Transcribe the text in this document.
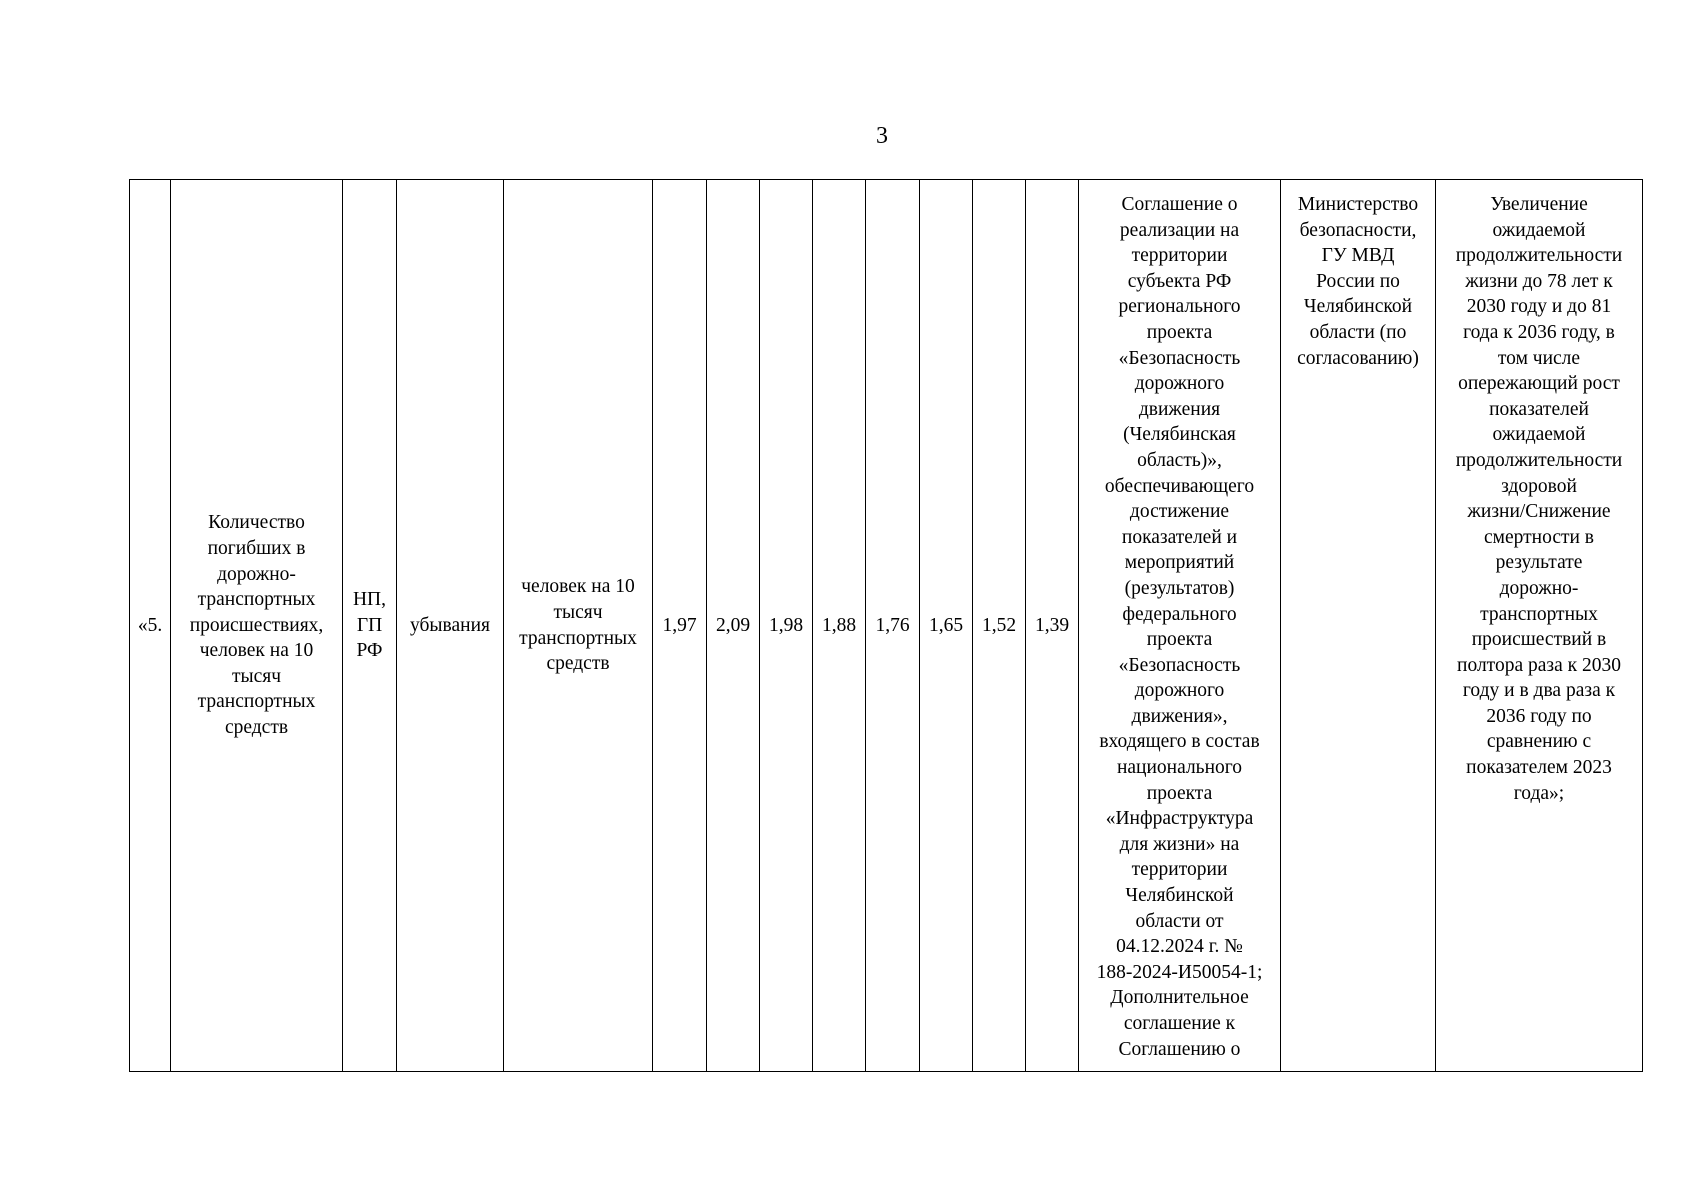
3
«5.	Количество
погибших в
дорожно-
транспортных
происшествиях,
человек на 10
тысяч
транспортных
средств	НП,
ГП
РФ	убывания	человек на 10
тысяч
транспортных
средств	1,97	2,09	1,98	1,88	1,76	1,65	1,52	1,39	Соглашение о
реализации на
территории
субъекта РФ
регионального
проекта
«Безопасность
дорожного
движения
(Челябинская
область)»,
обеспечивающего
достижение
показателей и
мероприятий
(результатов)
федерального
проекта
«Безопасность
дорожного
движения»,
входящего в состав
национального
проекта
«Инфраструктура
для жизни» на
территории
Челябинской
области от
04.12.2024 г. №
188-2024-И50054-1;
Дополнительное
соглашение к
Соглашению о	Министерство
безопасности,
ГУ МВД
России по
Челябинской
области (по
согласованию)	Увеличение
ожидаемой
продолжительности
жизни до 78 лет к
2030 году и до 81
года к 2036 году, в
том числе
опережающий рост
показателей
ожидаемой
продолжительности
здоровой
жизни/Снижение
смертности в
результате
дорожно-
транспортных
происшествий в
полтора раза к 2030
году и в два раза к
2036 году по
сравнению с
показателем 2023
года»;
